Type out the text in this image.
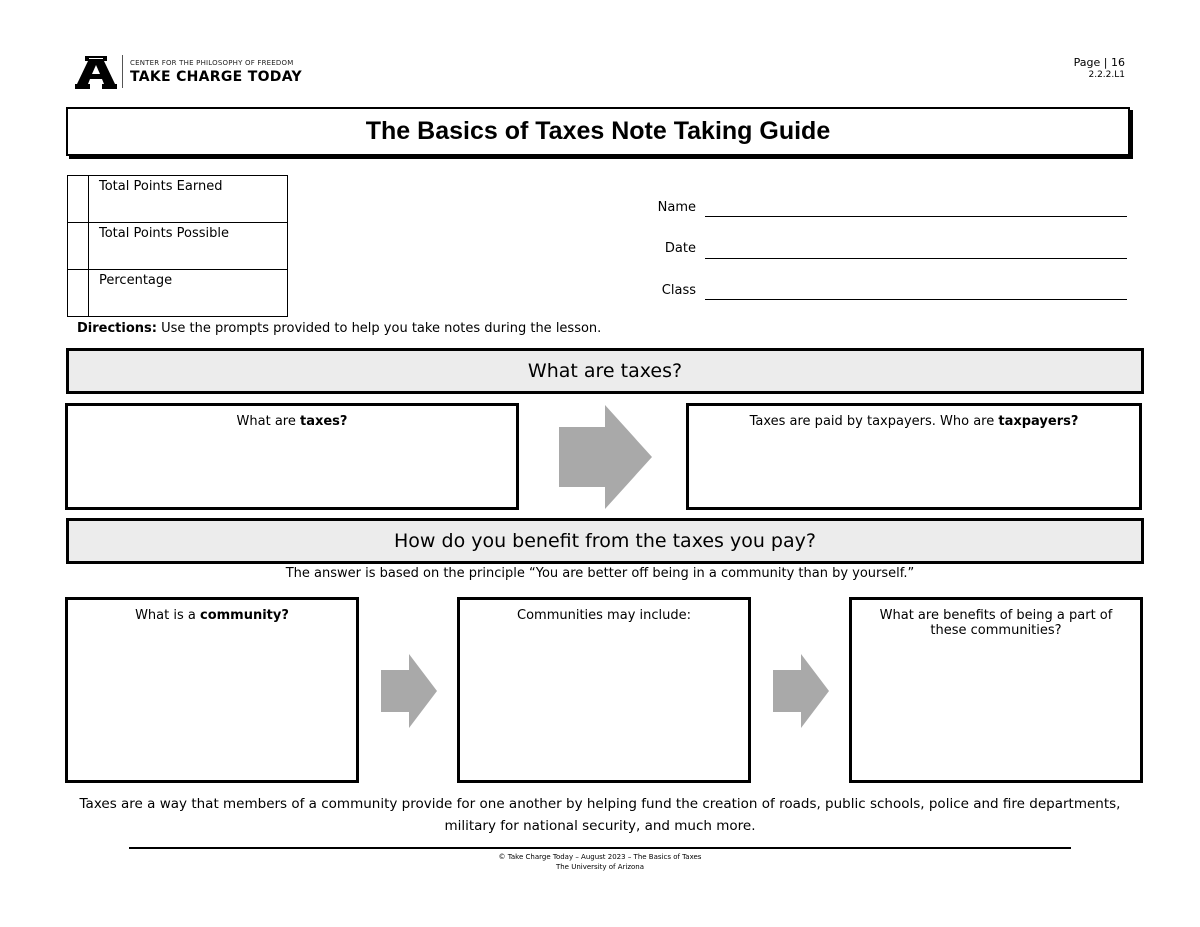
CENTER FOR THE PHILOSOPHY OF FREEDOM
TAKE CHARGE TODAY
Page | 16
2.2.2.L1
The Basics of Taxes Note Taking Guide
	Total Points Earned
	Total Points Possible
	Percentage
Name
Date
Class
Directions: Use the prompts provided to help you take notes during the lesson.
What are taxes?
What are taxes?	Taxes are paid by taxpayers. Who are taxpayers?
How do you benefit from the taxes you pay?
The answer is based on the principle “You are better off being in a community than by yourself.”
What is a community?	Communities may include:	What are benefits of being a part of these communities?
Taxes are a way that members of a community provide for one another by helping fund the creation of roads, public schools, police and fire departments, military for national security, and much more.
© Take Charge Today – August 2023 – The Basics of Taxes
The University of Arizona
